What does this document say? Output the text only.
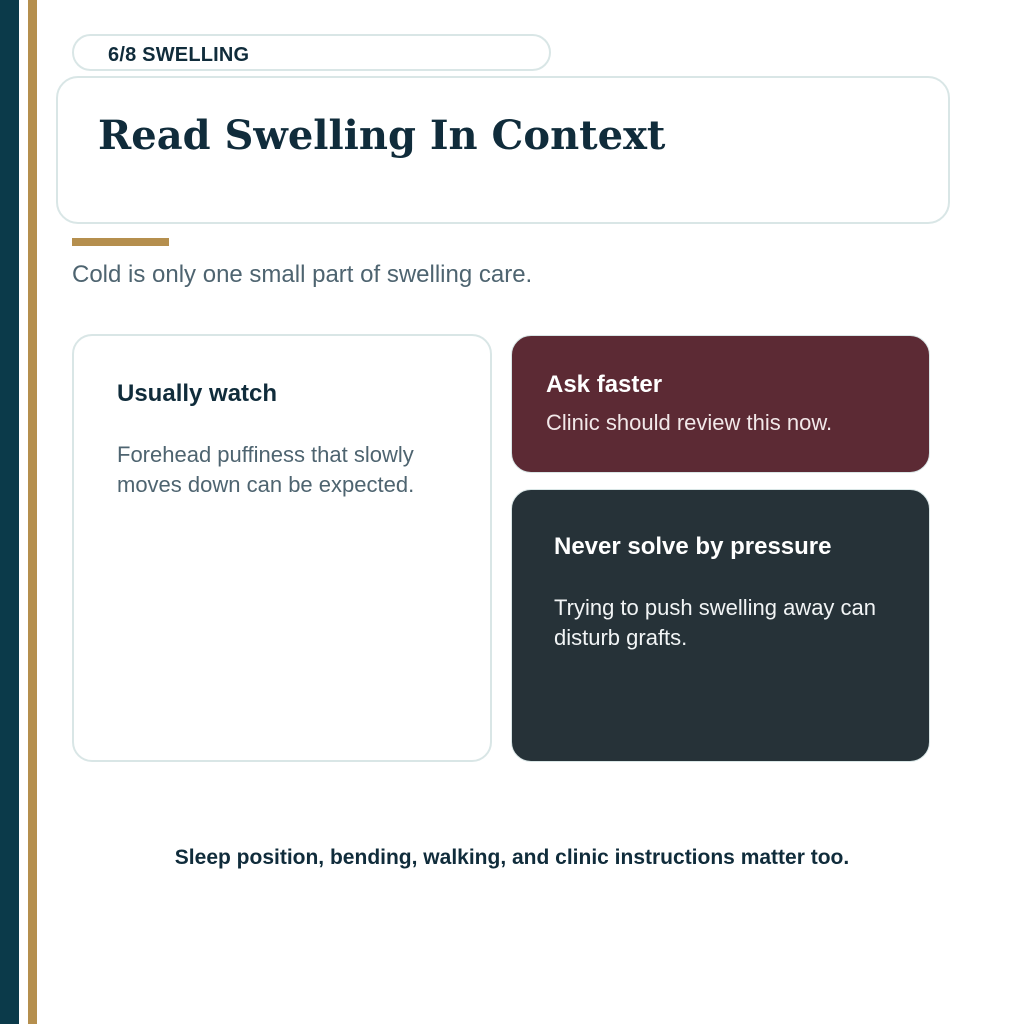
6/8 SWELLING
Read Swelling In Context

Cold is only one small part of swelling care.

Usually watch

Forehead puffiness that slowly moves down can be expected.

Ask faster

Clinic should review this now.

Never solve by pressure

Trying to push swelling away can disturb grafts.

Sleep position, bending, walking, and clinic instructions matter too.
